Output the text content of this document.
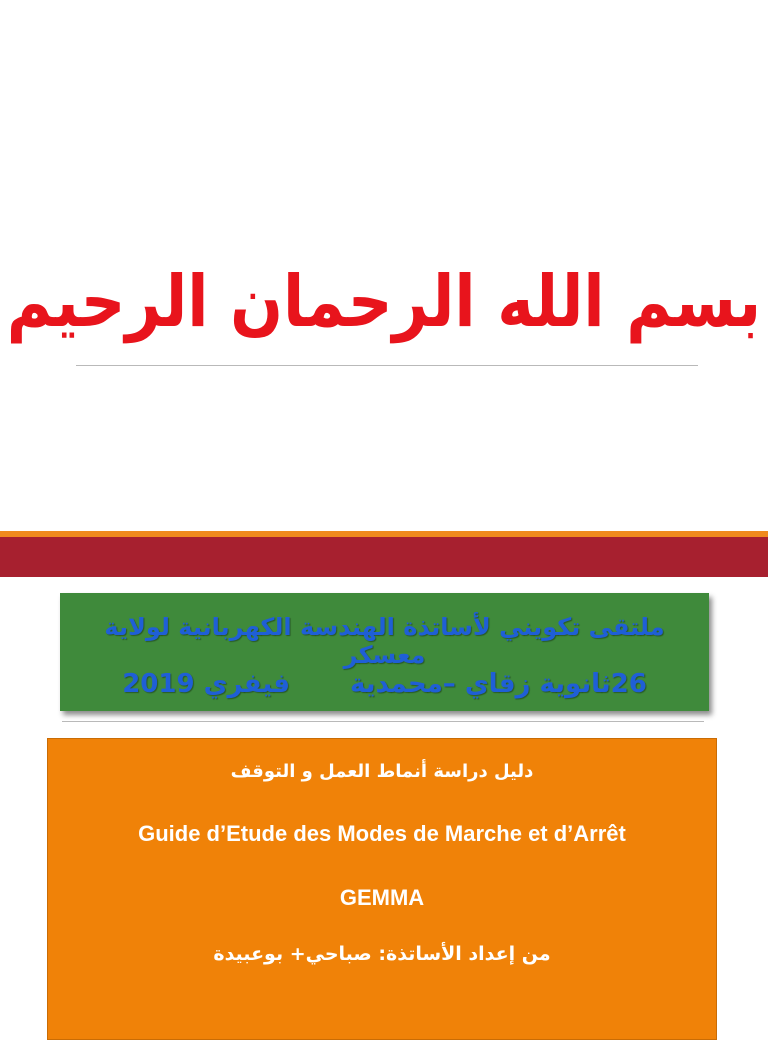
بسم الله الرحمان الرحيم
ملتقى تكويني لأساتذة الهندسة الكهربانية لولاية معسكر
26ثانوية زقاي –محمديةفيفري 2019
دليل دراسة أنماط العمل و التوقف
Guide d’Etude des Modes de Marche et d’Arrêt
GEMMA
من إعداد الأساتذة: صباحي+ بوعبيدة
